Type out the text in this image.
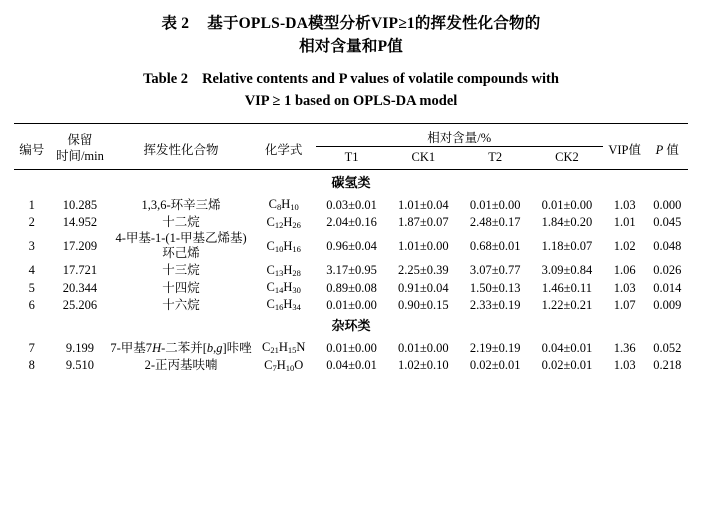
表 2 基于OPLS-DA模型分析VIP≥1的挥发性化合物的
相对含量和P值
Table 2 Relative contents and P values of volatile compounds with
VIP ≥ 1 based on OPLS-DA model

编号	保留
时间/min	挥发性化合物	化学式	相对含量/%				VIP值	P 值
				T1	CK1	T2	CK2		

碳氢类									
1	10.285	1,3,6-环辛三烯	$C_8H_{10}$	0.03±0.01	1.01±0.04	0.01±0.00	0.01±0.00	1.03	0.000
2	14.952	十二烷	$C_{12}H_{26}$	2.04±0.16	1.87±0.07	2.48±0.17	1.84±0.20	1.01	0.045
3	17.209	4-甲基-1-(1-甲基乙烯基)
环己烯	$C_{10}H_{16}$	0.96±0.04	1.01±0.00	0.68±0.01	1.18±0.07	1.02	0.048
4	17.721	十三烷	$C_{13}H_{28}$	3.17±0.95	2.25±0.39	3.07±0.77	3.09±0.84	1.06	0.026
5	20.344	十四烷	$C_{14}H_{30}$	0.89±0.08	0.91±0.04	1.50±0.13	1.46±0.11	1.03	0.014
6	25.206	十六烷	$C_{16}H_{34}$	0.01±0.00	0.90±0.15	2.33±0.19	1.22±0.21	1.07	0.009
杂环类									
7	9.199	7-甲基7H-二苯并[b,g]咔唑	$C_{21}H_{15}N$	0.01±0.00	0.01±0.00	2.19±0.19	0.04±0.01	1.36	0.052
8	9.510	2-正丙基呋喃	$C_7H_{10}O$	0.04±0.01	1.02±0.10	0.02±0.01	0.02±0.01	1.03	0.218
